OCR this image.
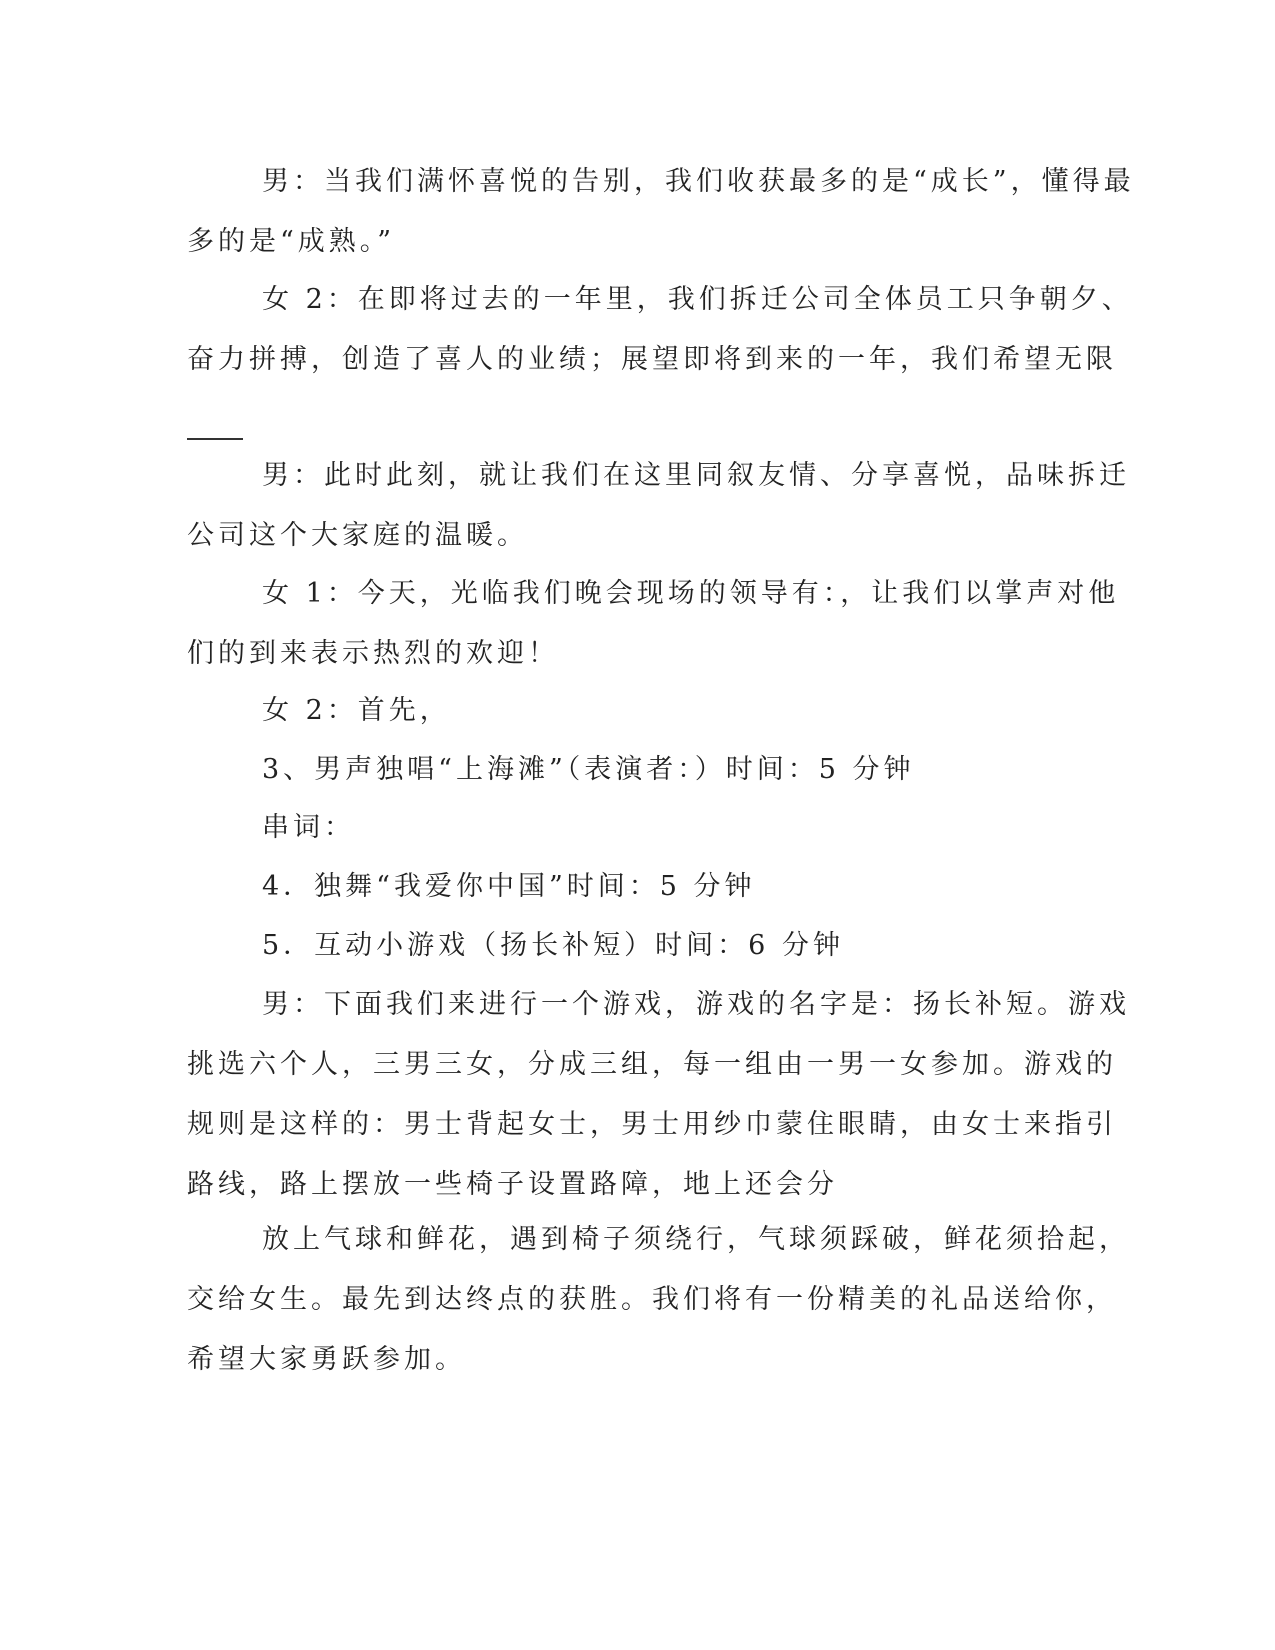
男：当我们满怀喜悦的告别，我们收获最多的是“成长”，懂得最
多的是“成熟。”
女 2：在即将过去的一年里，我们拆迁公司全体员工只争朝夕、
奋力拼搏，创造了喜人的业绩；展望即将到来的一年，我们希望无限
男：此时此刻，就让我们在这里同叙友情、分享喜悦，品味拆迁
公司这个大家庭的温暖。
女 1：今天，光临我们晚会现场的领导有：，让我们以掌声对他
们的到来表示热烈的欢迎！
女 2：首先，
3、男声独唱“上海滩”（表演者：）时间：5 分钟
串词：
4．独舞“我爱你中国”时间：5 分钟
5．互动小游戏（扬长补短）时间：6 分钟
男：下面我们来进行一个游戏，游戏的名字是：扬长补短。游戏
挑选六个人，三男三女，分成三组，每一组由一男一女参加。游戏的
规则是这样的：男士背起女士，男士用纱巾蒙住眼睛，由女士来指引
路线，路上摆放一些椅子设置路障，地上还会分
放上气球和鲜花，遇到椅子须绕行，气球须踩破，鲜花须拾起，
交给女生。最先到达终点的获胜。我们将有一份精美的礼品送给你，
希望大家勇跃参加。
